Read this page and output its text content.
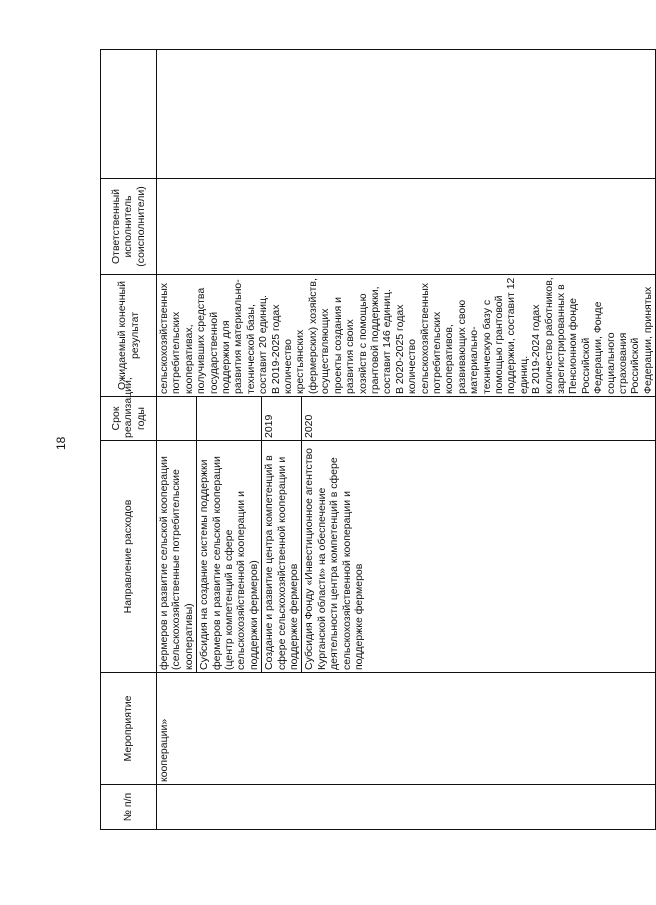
18
№ п/п	Мероприятие	Направление расходов	Срок реализации, годы	Ожидаемый конечный результат	Ответственный исполнитель (соисполнители)	
	кооперации»	фермеров и развитие сельской кооперации (сельскохозяйственные потребительские кооперативы)		сельскохозяйственных потребительских кооперативах, получивших средства государственной поддержки для развития материально-технической базы, составит 20 единиц. В 2019-2025 годах количество крестьянских (фермерских) хозяйств, осуществляющих проекты создания и развития своих хозяйств с помощью грантовой поддержки, составит 146 единиц. В 2020-2025 годах количество сельскохозяйственных потребительских кооперативов, развивающих свою материально-техническую базу с помощью грантовой поддержки, составит 12 единиц. В 2019-2024 годах количество работников, зарегистрированных в Пенсионном фонде Российской Федерации, Фонде социального страхования Российской Федерации, принятых		

		Субсидия на создание системы поддержки фермеров и развитие сельской кооперации (центр компетенций в сфере сельскохозяйственной кооперации и поддержки фермеров)				
		Создание и развитие центра компетенций в сфере сельскохозяйственной кооперации и поддержке фермеров	2019			
		Субсидия Фонду «Инвестиционное агентство Курганской области» на обеспечение деятельности центра компетенций в сфере сельскохозяйственной кооперации и поддержке фермеров	2020			
